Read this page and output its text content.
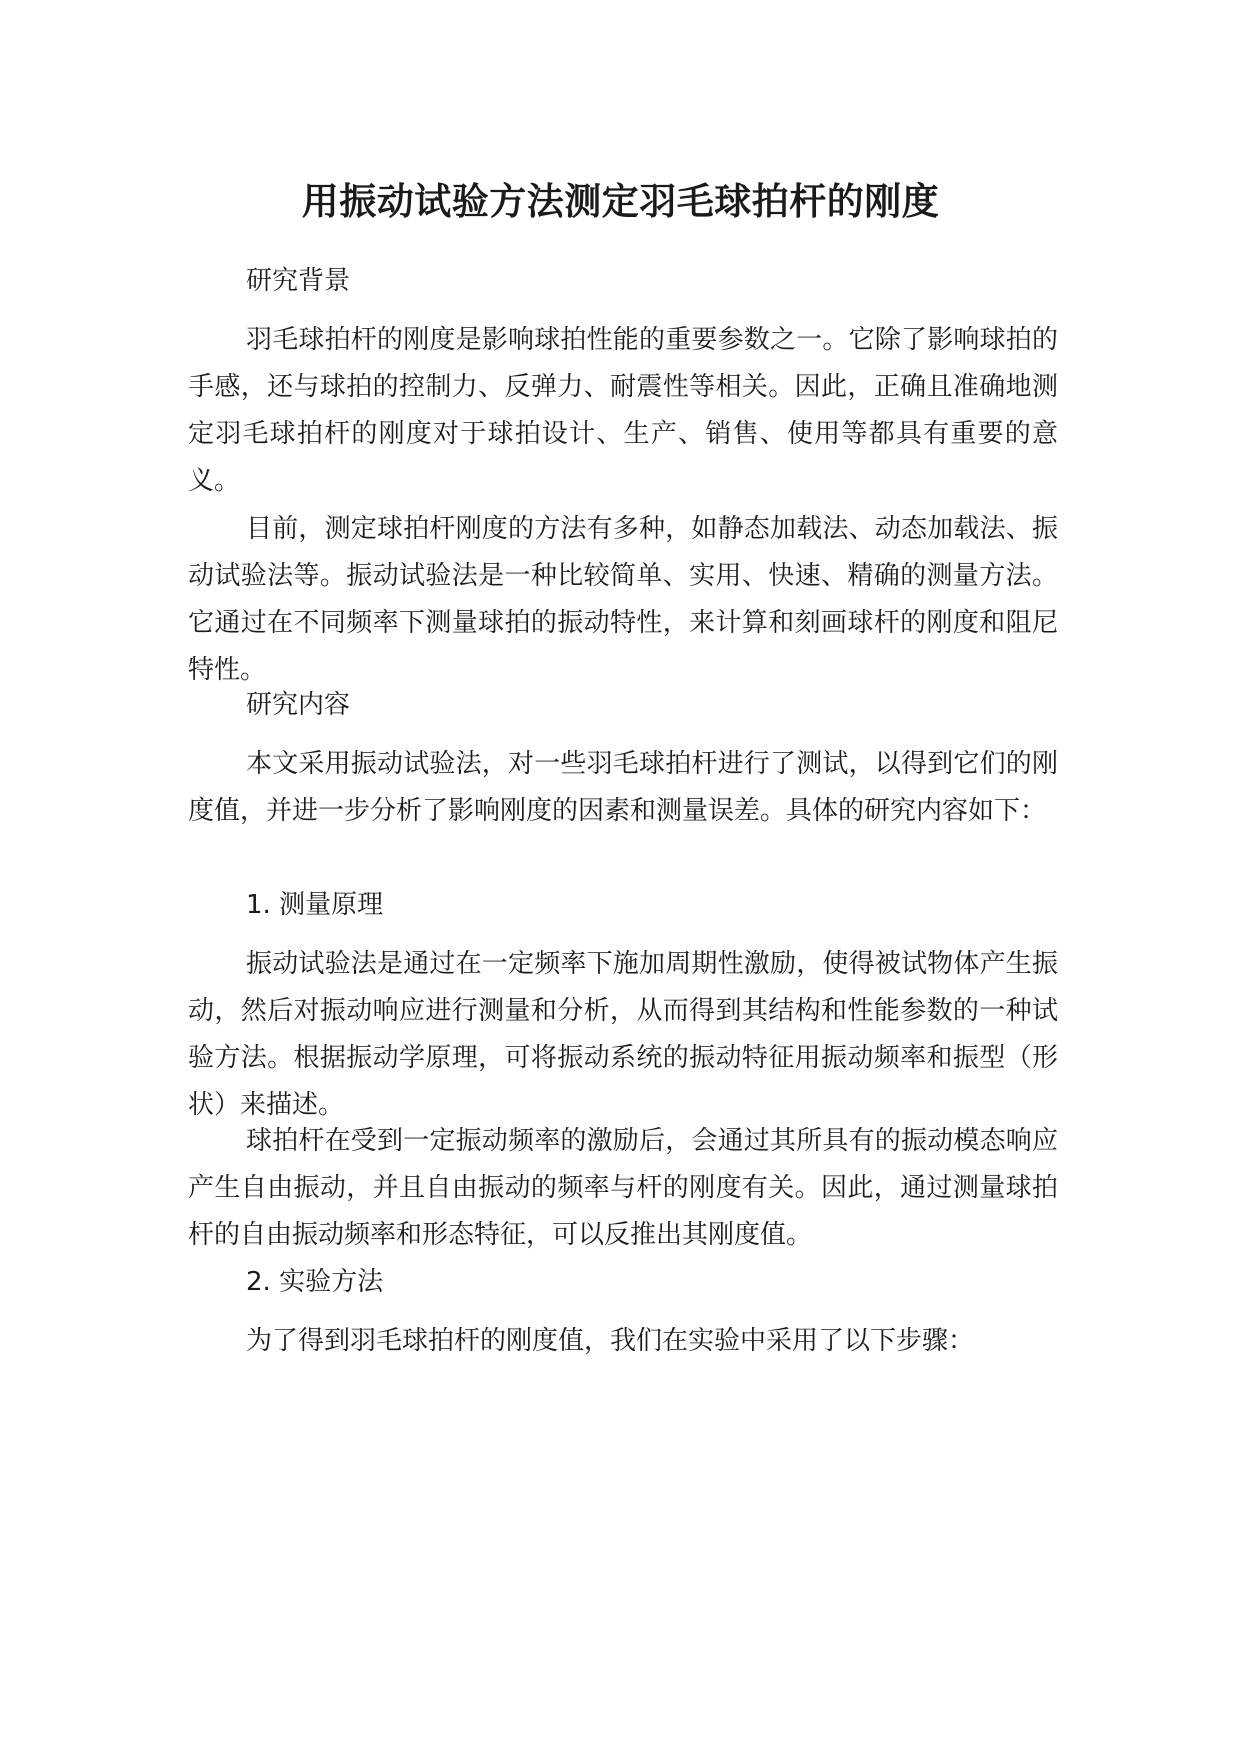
用振动试验方法测定羽毛球拍杆的刚度

研究背景

羽毛球拍杆的刚度是影响球拍性能的重要参数之一。它除了影响球拍的手感，还与球拍的控制力、反弹力、耐震性等相关。因此，正确且准确地测定羽毛球拍杆的刚度对于球拍设计、生产、销售、使用等都具有重要的意义。

目前，测定球拍杆刚度的方法有多种，如静态加载法、动态加载法、振动试验法等。振动试验法是一种比较简单、实用、快速、精确的测量方法。它通过在不同频率下测量球拍的振动特性，来计算和刻画球杆的刚度和阻尼特性。

研究内容

本文采用振动试验法，对一些羽毛球拍杆进行了测试，以得到它们的刚度值，并进一步分析了影响刚度的因素和测量误差。具体的研究内容如下：

1. 测量原理

振动试验法是通过在一定频率下施加周期性激励，使得被试物体产生振动，然后对振动响应进行测量和分析，从而得到其结构和性能参数的一种试验方法。根据振动学原理，可将振动系统的振动特征用振动频率和振型（形状）来描述。

球拍杆在受到一定振动频率的激励后，会通过其所具有的振动模态响应产生自由振动，并且自由振动的频率与杆的刚度有关。因此，通过测量球拍杆的自由振动频率和形态特征，可以反推出其刚度值。

2. 实验方法

为了得到羽毛球拍杆的刚度值，我们在实验中采用了以下步骤：
